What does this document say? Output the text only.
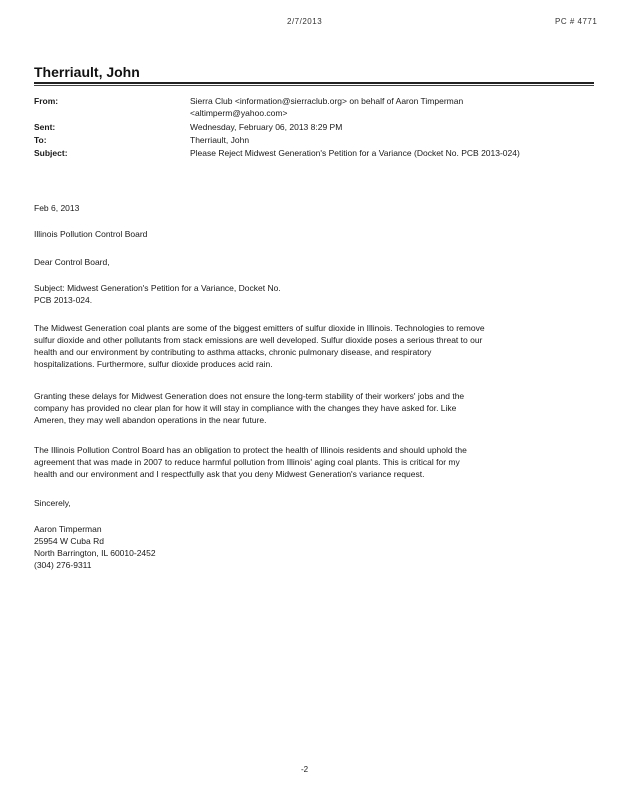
2/7/2013	PC # 4771
Therriault, John
From:	Sierra Club <information@sierraclub.org> on behalf of Aaron Timperman
<altimperm@yahoo.com>
Sent:	Wednesday, February 06, 2013 8:29 PM
To:	Therriault, John
Subject:	Please Reject Midwest Generation's Petition for a Variance (Docket No. PCB 2013-024)
Feb 6, 2013
Illinois Pollution Control Board
Dear Control Board,
Subject: Midwest Generation's Petition for a Variance, Docket No.
PCB 2013-024.
The Midwest Generation coal plants are some of the biggest emitters of sulfur dioxide in Illinois. Technologies to remove
sulfur dioxide and other pollutants from stack emissions are well developed. Sulfur dioxide poses a serious threat to our
health and our environment by contributing to asthma attacks, chronic pulmonary disease, and respiratory
hospitalizations. Furthermore, sulfur dioxide produces acid rain.
Granting these delays for Midwest Generation does not ensure the long-term stability of their workers' jobs and the
company has provided no clear plan for how it will stay in compliance with the changes they have asked for. Like
Ameren, they may well abandon operations in the near future.
The Illinois Pollution Control Board has an obligation to protect the health of Illinois residents and should uphold the
agreement that was made in 2007 to reduce harmful pollution from Illinois' aging coal plants. This is critical for my
health and our environment and I respectfully ask that you deny Midwest Generation's variance request.
Sincerely,
Aaron Timperman
25954 W Cuba Rd
North Barrington, IL 60010-2452
(304) 276-9311
-2
